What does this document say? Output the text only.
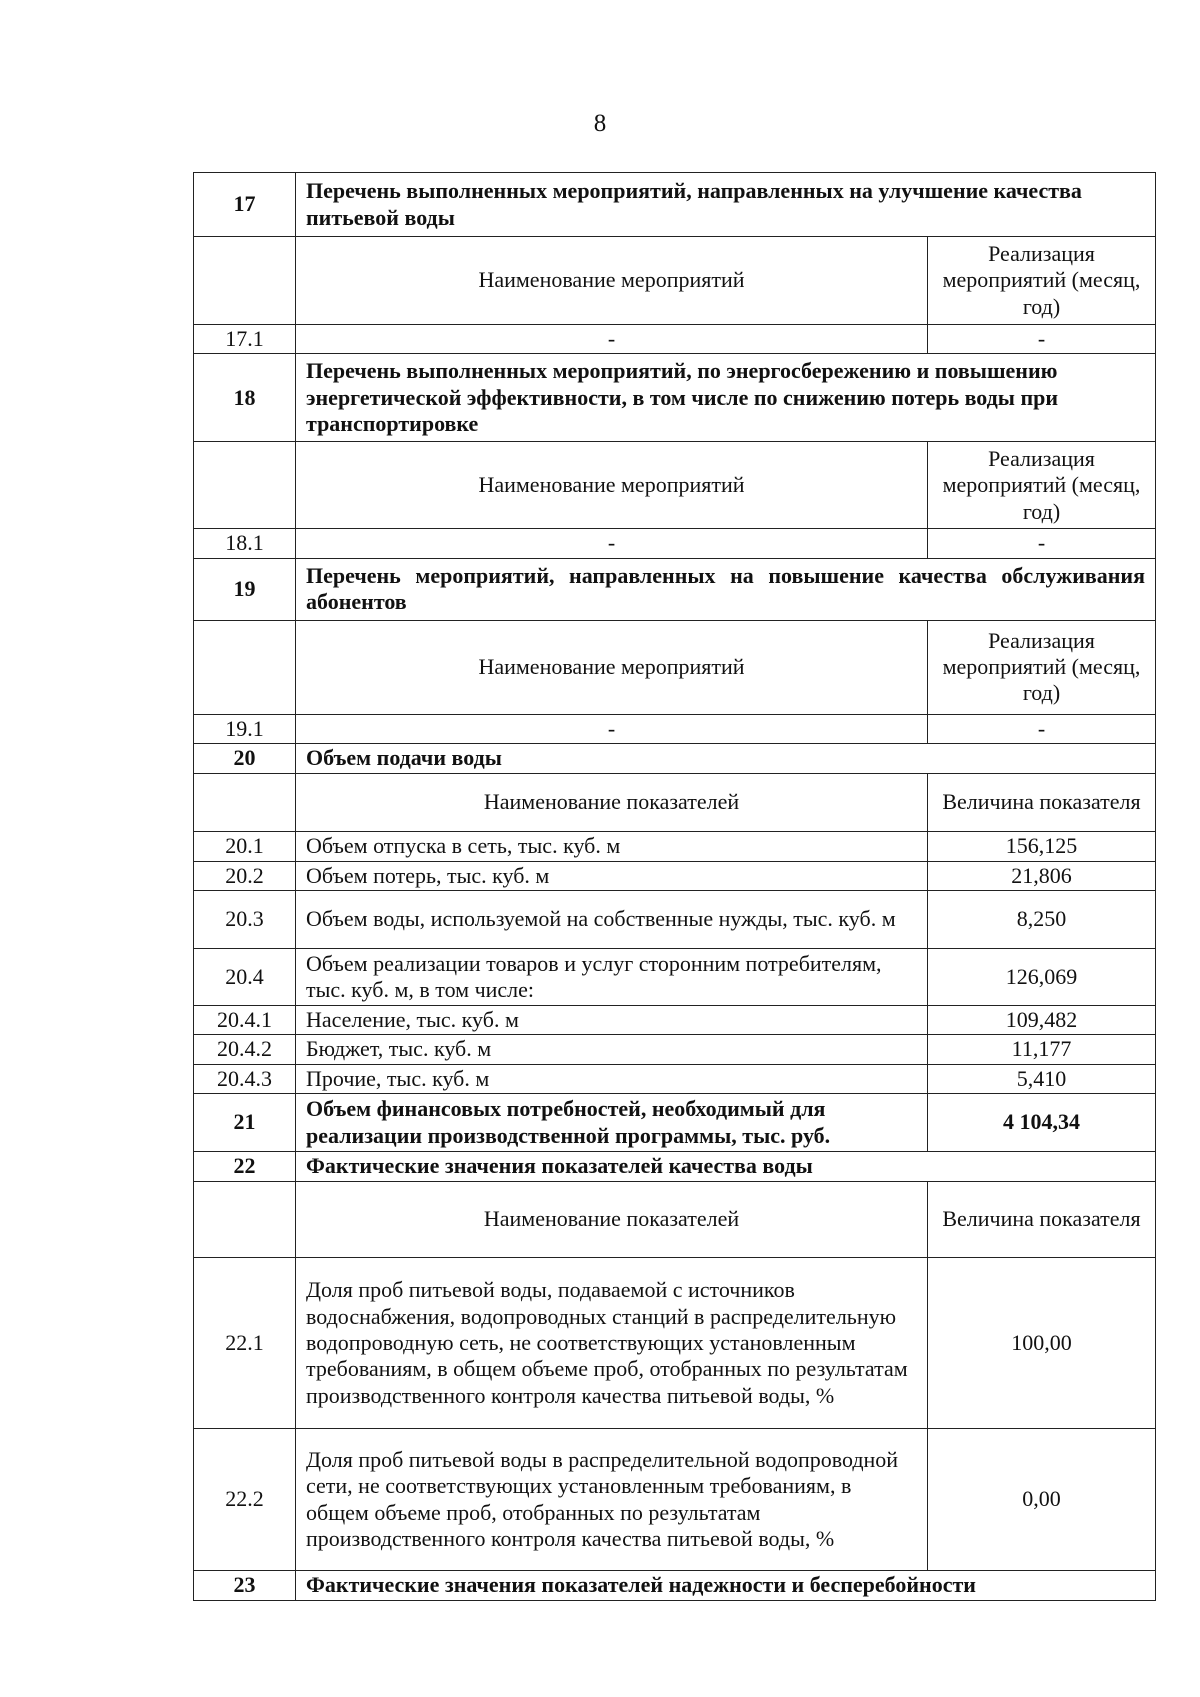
8
17	Перечень выполненных мероприятий, направленных на улучшение качества питьевой воды	
	Наименование мероприятий	Реализация мероприятий (месяц, год)
17.1	-	-
18	Перечень выполненных мероприятий, по энергосбережению и повышению энергетической эффективности, в том числе по снижению потерь воды при транспортировке	
	Наименование мероприятий	Реализация мероприятий (месяц, год)
18.1	-	-
19	Перечень мероприятий, направленных на повышение качества обслуживания абонентов	
	Наименование мероприятий	Реализация мероприятий (месяц, год)
19.1	-	-
20	Объем подачи воды	
	Наименование показателей	Величина показателя
20.1	Объем отпуска в сеть, тыс. куб. м	156,125
20.2	Объем потерь, тыс. куб. м	21,806
20.3	Объем воды, используемой на собственные нужды, тыс. куб. м	8,250
20.4	Объем реализации товаров и услуг сторонним потребителям, тыс. куб. м, в том числе:	126,069
20.4.1	Население, тыс. куб. м	109,482
20.4.2	Бюджет, тыс. куб. м	11,177
20.4.3	Прочие, тыс. куб. м	5,410
21	Объем финансовых потребностей, необходимый для реализации производственной программы, тыс. руб.	4 104,34
22	Фактические значения показателей качества воды	
	Наименование показателей	Величина показателя
22.1	Доля проб питьевой воды, подаваемой с источников водоснабжения, водопроводных станций в распределительную водопроводную сеть, не соответствующих установленным требованиям, в общем объеме проб, отобранных по результатам производственного контроля качества питьевой воды, %	100,00
22.2	Доля проб питьевой воды в распределительной водопроводной сети, не соответствующих установленным требованиям, в общем объеме проб, отобранных по результатам производственного контроля качества питьевой воды, %	0,00
23	Фактические значения показателей надежности и бесперебойности	
